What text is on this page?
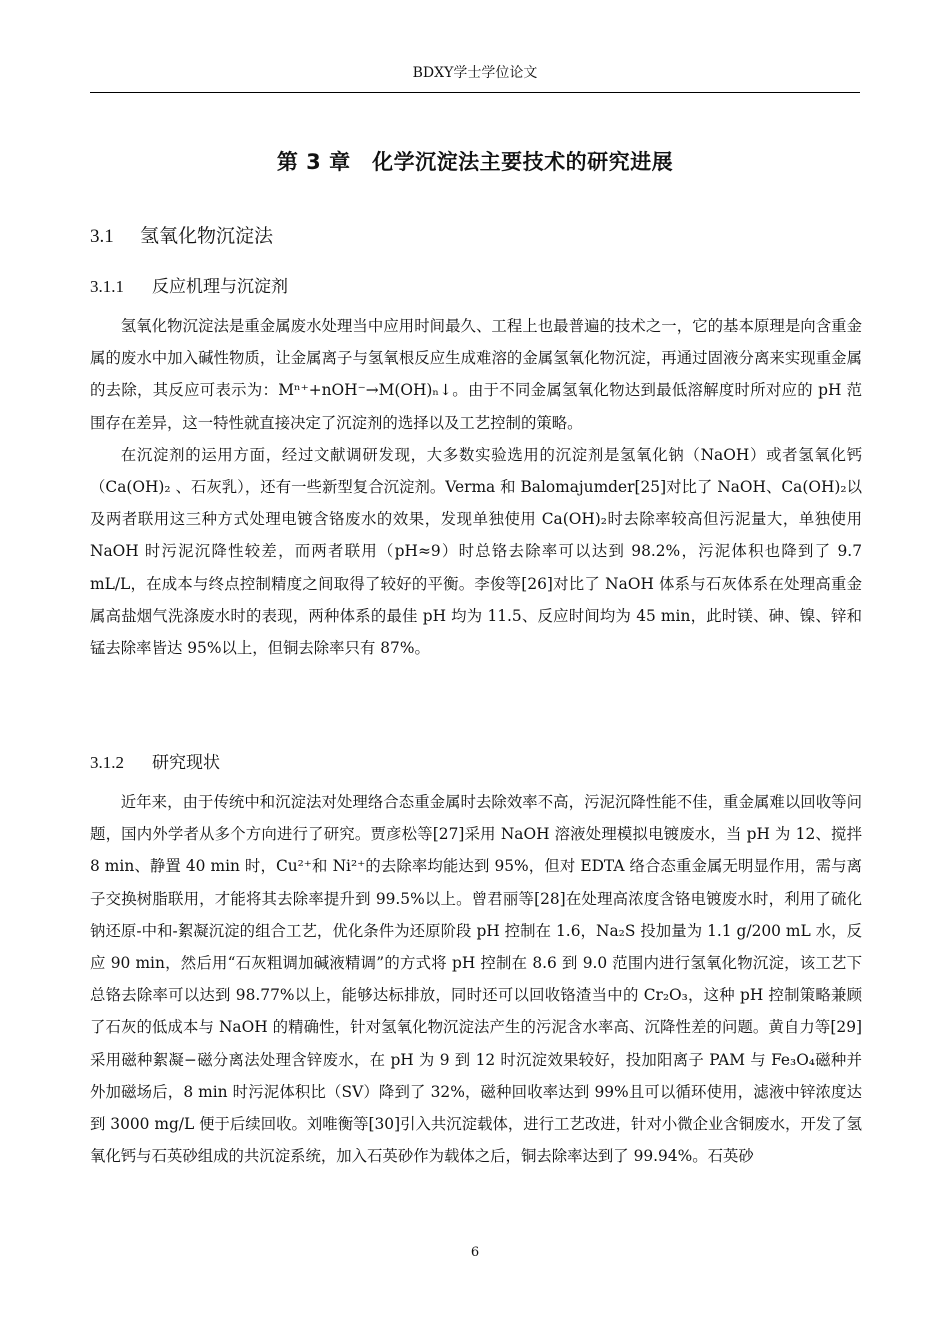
BDXY学士学位论文
第 3 章　化学沉淀法主要技术的研究进展
3.1 氢氧化物沉淀法
3.1.1 反应机理与沉淀剂

氢氧化物沉淀法是重金属废水处理当中应用时间最久、工程上也最普遍的技术之一，它的基本原理是向含重金属的废水中加入碱性物质，让金属离子与氢氧根反应生成难溶的金属氢氧化物沉淀，再通过固液分离来实现重金属的去除，其反应可表示为：Mⁿ⁺+nOH⁻→M(OH)ₙ↓。由于不同金属氢氧化物达到最低溶解度时所对应的 pH 范围存在差异，这一特性就直接决定了沉淀剂的选择以及工艺控制的策略。

在沉淀剂的运用方面，经过文献调研发现，大多数实验选用的沉淀剂是氢氧化钠（NaOH）或者氢氧化钙（Ca(OH)₂ 、石灰乳），还有一些新型复合沉淀剂。Verma 和 Balomajumder[25]对比了 NaOH、Ca(OH)₂以及两者联用这三种方式处理电镀含铬废水的效果，发现单独使用 Ca(OH)₂时去除率较高但污泥量大，单独使用 NaOH 时污泥沉降性较差，而两者联用（pH≈9）时总铬去除率可以达到 98.2%，污泥体积也降到了 9.7 mL/L，在成本与终点控制精度之间取得了较好的平衡。李俊等[26]对比了 NaOH 体系与石灰体系在处理高重金属高盐烟气洗涤废水时的表现，两种体系的最佳 pH 均为 11.5、反应时间均为 45 min，此时镁、砷、镍、锌和锰去除率皆达 95%以上，但铜去除率只有 87%。

3.1.2 研究现状

近年来，由于传统中和沉淀法对处理络合态重金属时去除效率不高，污泥沉降性能不佳，重金属难以回收等问题，国内外学者从多个方向进行了研究。贾彦松等[27]采用 NaOH 溶液处理模拟电镀废水，当 pH 为 12、搅拌 8 min、静置 40 min 时，Cu²⁺和 Ni²⁺的去除率均能达到 95%，但对 EDTA 络合态重金属无明显作用，需与离子交换树脂联用，才能将其去除率提升到 99.5%以上。曾君丽等[28]在处理高浓度含铬电镀废水时，利用了硫化钠还原-中和-絮凝沉淀的组合工艺，优化条件为还原阶段 pH 控制在 1.6，Na₂S 投加量为 1.1 g/200 mL 水，反应 90 min，然后用“石灰粗调加碱液精调”的方式将 pH 控制在 8.6 到 9.0 范围内进行氢氧化物沉淀，该工艺下总铬去除率可以达到 98.77%以上，能够达标排放，同时还可以回收铬渣当中的 Cr₂O₃，这种 pH 控制策略兼顾了石灰的低成本与 NaOH 的精确性，针对氢氧化物沉淀法产生的污泥含水率高、沉降性差的问题。黄自力等[29]采用磁种絮凝−磁分离法处理含锌废水，在 pH 为 9 到 12 时沉淀效果较好，投加阳离子 PAM 与 Fe₃O₄磁种并外加磁场后，8 min 时污泥体积比（SV）降到了 32%，磁种回收率达到 99%且可以循环使用，滤液中锌浓度达到 3000 mg/L 便于后续回收。刘唯衡等[30]引入共沉淀载体，进行工艺改进，针对小微企业含铜废水，开发了氢氧化钙与石英砂组成的共沉淀系统，加入石英砂作为载体之后，铜去除率达到了 99.94%。石英砂

6
